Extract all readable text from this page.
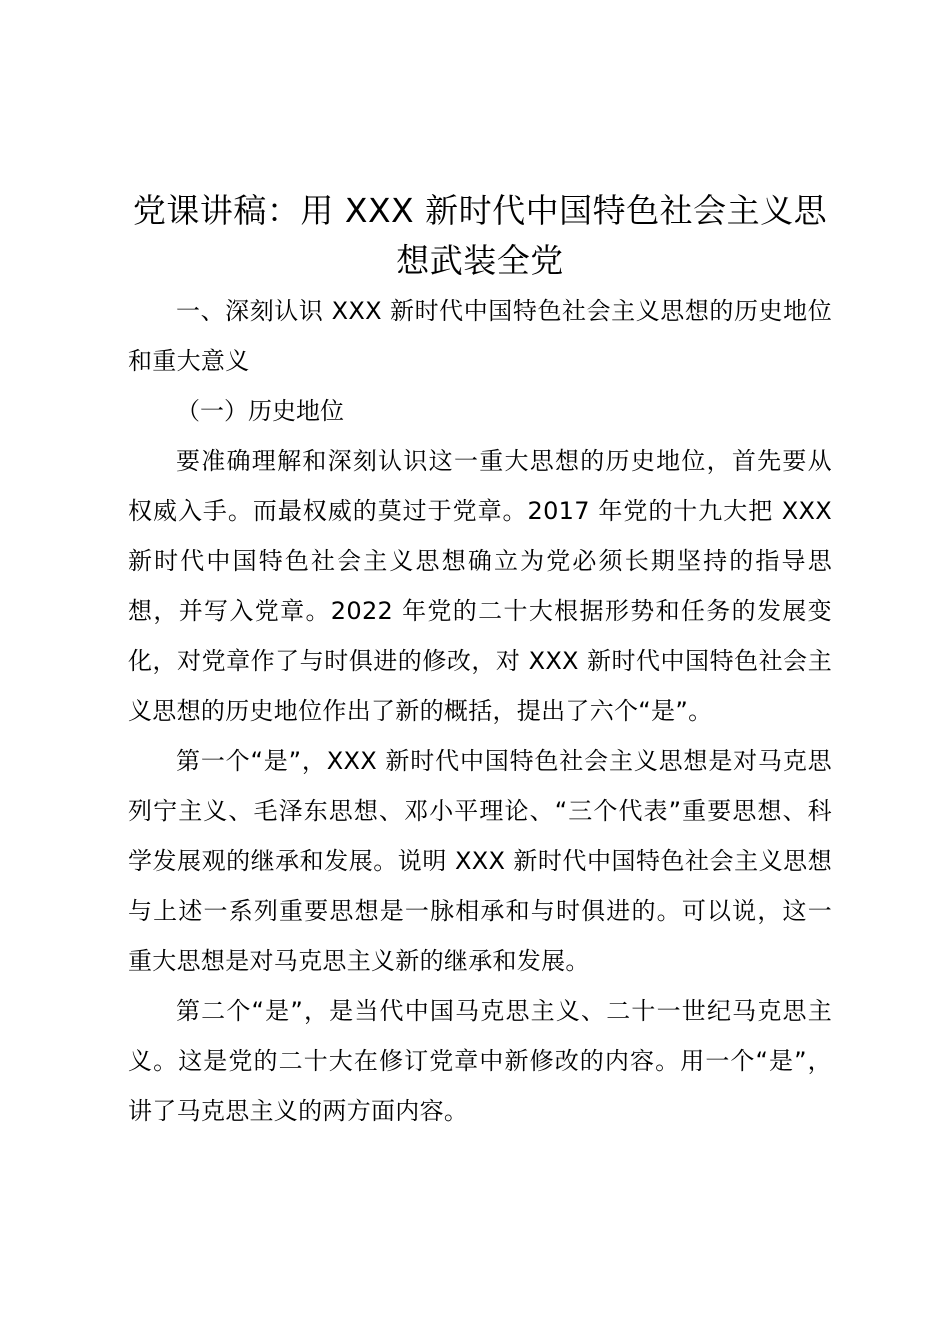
党课讲稿：用 XXX 新时代中国特色社会主义思想武装全党

一、深刻认识 XXX 新时代中国特色社会主义思想的历史地位和重大意义

（一）历史地位

要准确理解和深刻认识这一重大思想的历史地位，首先要从权威入手。而最权威的莫过于党章。2017 年党的十九大把 XXX 新时代中国特色社会主义思想确立为党必须长期坚持的指导思想，并写入党章。2022 年党的二十大根据形势和任务的发展变化，对党章作了与时俱进的修改，对 XXX 新时代中国特色社会主义思想的历史地位作出了新的概括，提出了六个“是”。

第一个“是”，XXX 新时代中国特色社会主义思想是对马克思列宁主义、毛泽东思想、邓小平理论、“三个代表”重要思想、科学发展观的继承和发展。说明 XXX 新时代中国特色社会主义思想与上述一系列重要思想是一脉相承和与时俱进的。可以说，这一重大思想是对马克思主义新的继承和发展。

第二个“是”，是当代中国马克思主义、二十一世纪马克思主义。这是党的二十大在修订党章中新修改的内容。用一个“是”，讲了马克思主义的两方面内容。
